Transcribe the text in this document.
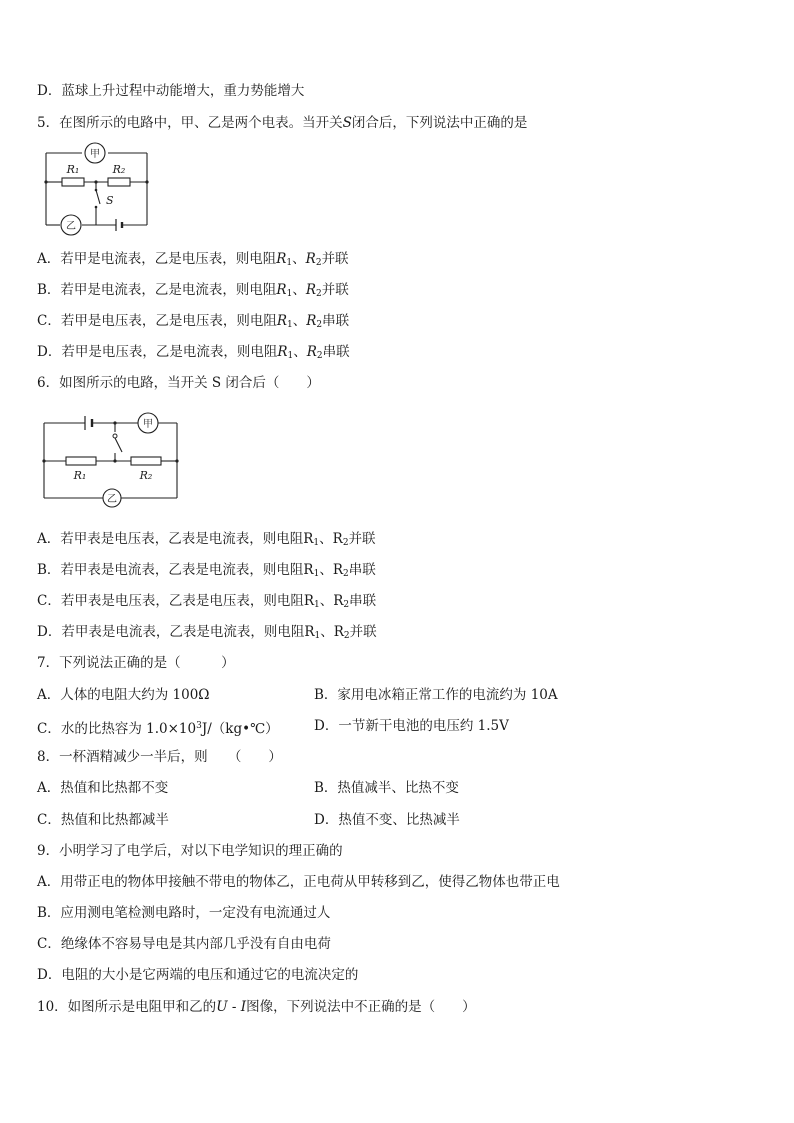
D．蓝球上升过程中动能增大，重力势能增大
5．在图所示的电路中，甲、乙是两个电表。当开关S闭合后，下列说法中正确的是
甲
乙
R₁	R₂
S
A．若甲是电流表，乙是电压表，则电阻$R_1$、$R_2$并联
B．若甲是电流表，乙是电流表，则电阻$R_1$、$R_2$并联
C．若甲是电压表，乙是电压表，则电阻$R_1$、$R_2$串联
D．若甲是电压表，乙是电流表，则电阻$R_1$、$R_2$串联
6．如图所示的电路，当开关 S 闭合后（　　）
甲
乙
R₁	R₂
A．若甲表是电压表，乙表是电流表，则电阻$R_1$、$R_2$并联
B．若甲表是电流表，乙表是电流表，则电阻$R_1$、$R_2$串联
C．若甲表是电压表，乙表是电压表，则电阻$R_1$、$R_2$串联
D．若甲表是电流表，乙表是电流表，则电阻$R_1$、$R_2$并联
7．下列说法正确的是（　　　）
A．人体的电阻大约为 100Ω	B．家用电冰箱正常工作的电流约为 10A
C．水的比热容为 $1.0\times 10^3J/(kg•℃)$	D．一节新干电池的电压约 1.5V
8．一杯酒精减少一半后，则　　（　　）
A．热值和比热都不变	B．热值减半、比热不变
C．热值和比热都减半	D．热值不变、比热减半
9．小明学习了电学后，对以下电学知识的理正确的
A．用带正电的物体甲接触不带电的物体乙，正电荷从甲转移到乙，使得乙物体也带正电
B．应用测电笔检测电路时，一定没有电流通过人
C．绝缘体不容易导电是其内部几乎没有自由电荷
D．电阻的大小是它两端的电压和通过它的电流决定的
10．如图所示是电阻甲和乙的U - I图像，下列说法中不正确的是（　　）
